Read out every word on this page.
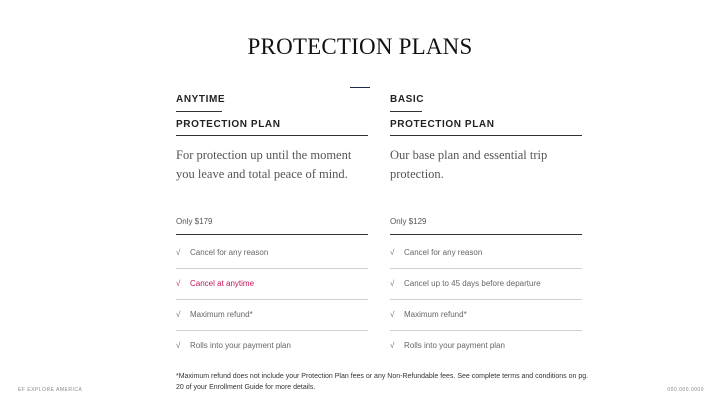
PROTECTION PLANS
ANYTIME
PROTECTION PLAN
For protection up until the moment you leave and total peace of mind.
Only $179
√ Cancel for any reason
√ Cancel at anytime
√ Maximum refund*
√ Rolls into your payment plan
BASIC
PROTECTION PLAN
Our base plan and essential trip protection.
Only $129
√ Cancel for any reason
√ Cancel up to 45 days before departure
√ Maximum refund*
√ Rolls into your payment plan
*Maximum refund does not include your Protection Plan fees or any Non-Refundable fees. See complete terms and conditions on pg. 20 of your Enrollment Guide for more details.
EF EXPLORE AMERICA	000.000.0000
